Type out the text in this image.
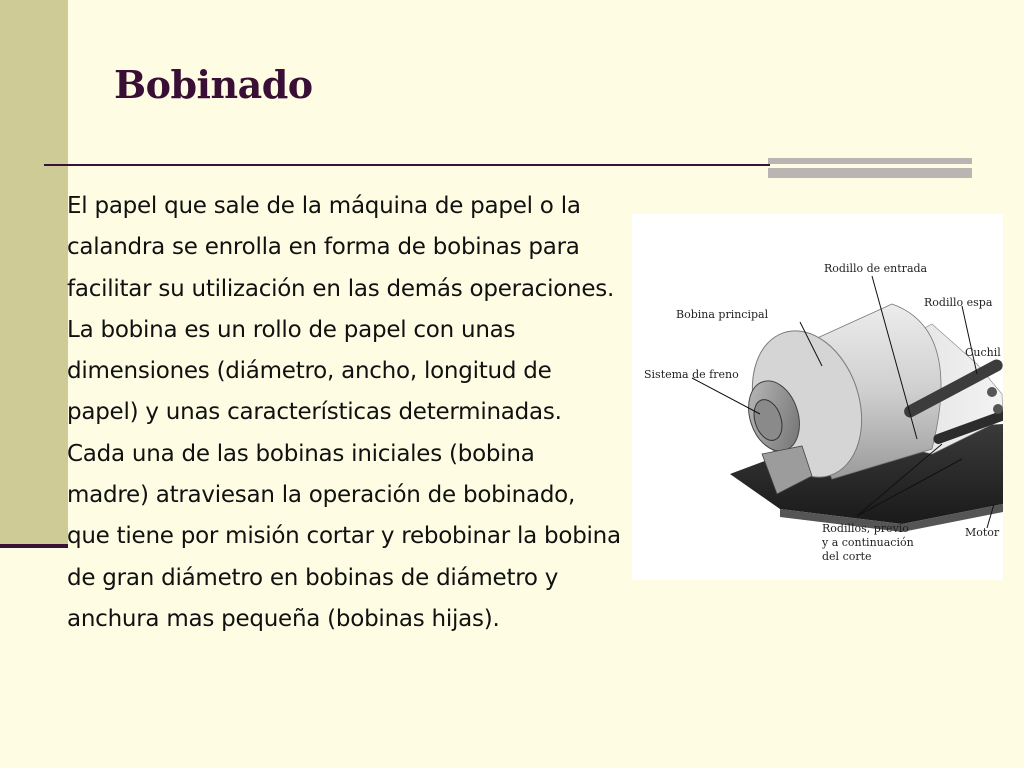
Bobinado

El papel que sale de la máquina de papel o la calandra se enrolla en forma de bobinas para facilitar su utilización en las demás operaciones.

La bobina es un rollo de papel con unas dimensiones (diámetro, ancho, longitud de papel) y unas características determinadas.

Cada una de las bobinas iniciales (bobina madre) atraviesan la operación de bobinado, que tiene por misión cortar y rebobinar la bobina de gran diámetro en bobinas de diámetro y anchura mas pequeña (bobinas hijas).

Rodillo de entrada
Rodillo espa
Bobina principal
Cuchil
Sistema de freno
Rodillos, previo
y a continuación
del corte
Motor
